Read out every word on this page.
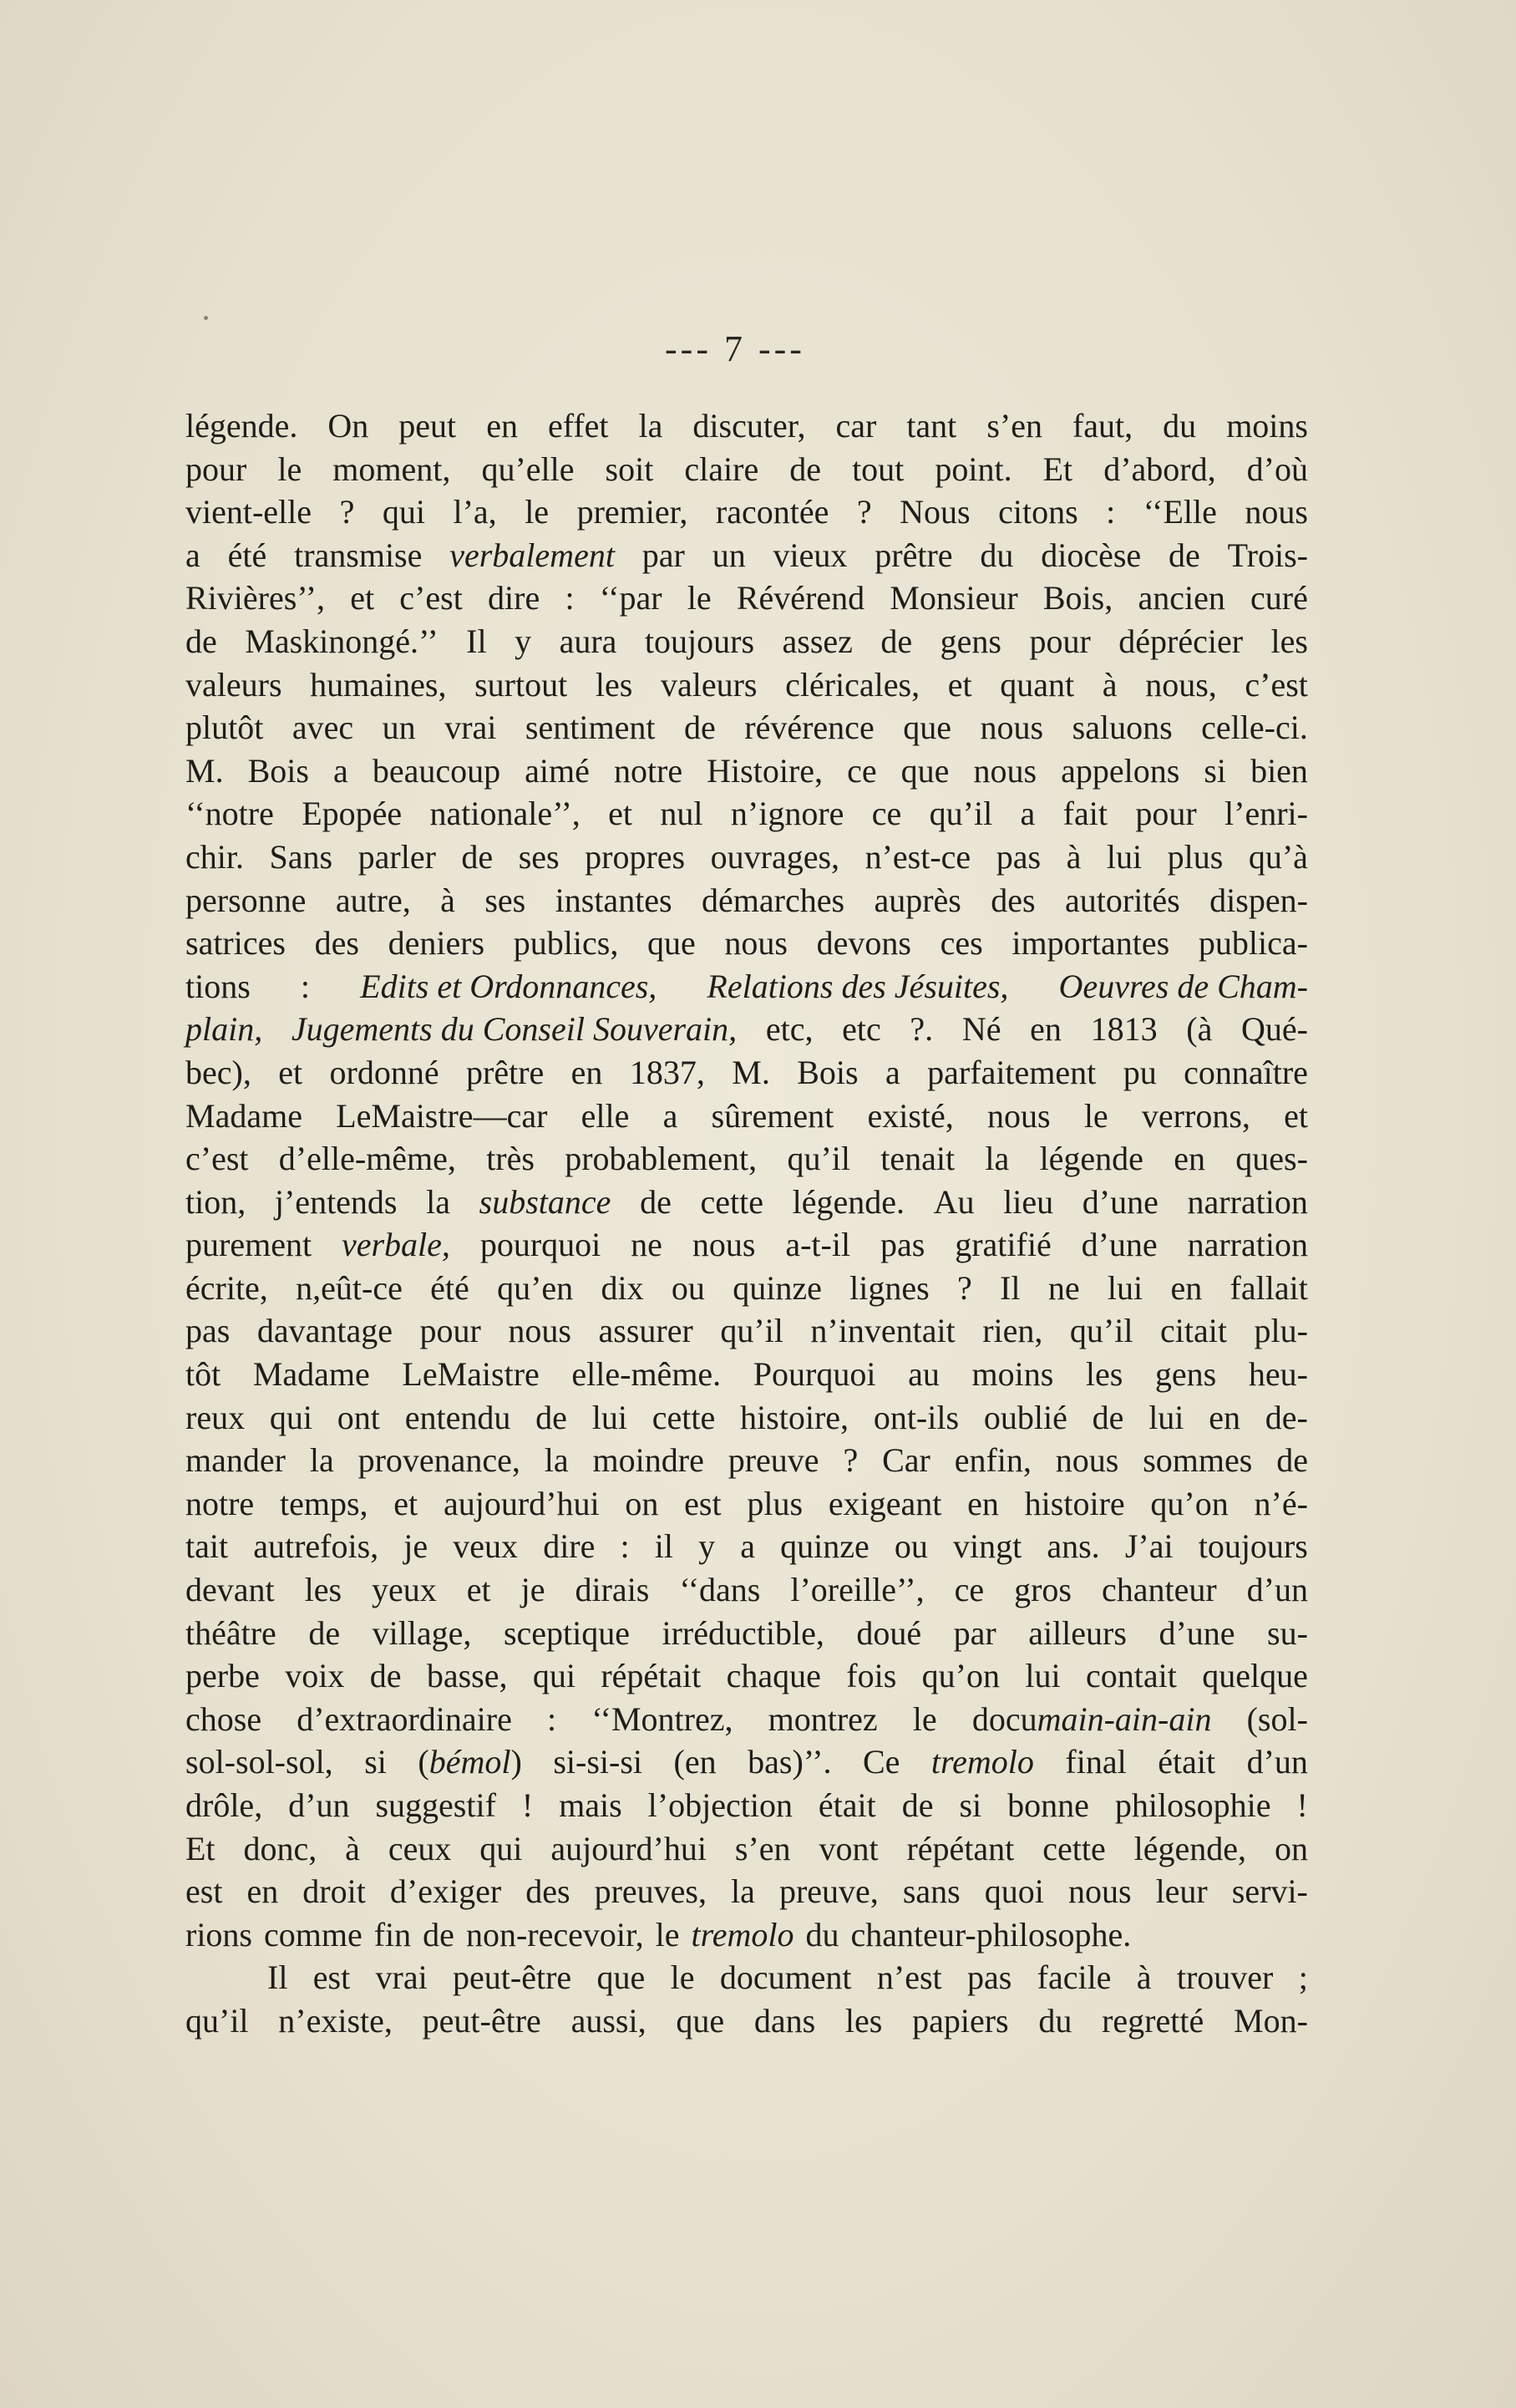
--- 7 ---
légende. On peut en effet la discuter, car tant s’en faut, du moins
pour le moment, qu’elle soit claire de tout point. Et d’abord, d’où
vient-elle ? qui l’a, le premier, racontée ? Nous citons : ‘‘Elle nous
a été transmise verbalement par un vieux prêtre du diocèse de Trois-
Rivières’’, et c’est dire : ‘‘par le Révérend Monsieur Bois, ancien curé
de Maskinongé.’’ Il y aura toujours assez de gens pour déprécier les
valeurs humaines, surtout les valeurs cléricales, et quant à nous, c’est
plutôt avec un vrai sentiment de révérence que nous saluons celle-ci.
M. Bois a beaucoup aimé notre Histoire, ce que nous appelons si bien
‘‘notre Epopée nationale’’, et nul n’ignore ce qu’il a fait pour l’enri-
chir. Sans parler de ses propres ouvrages, n’est-ce pas à lui plus qu’à
personne autre, à ses instantes démarches auprès des autorités dispen-
satrices des deniers publics, que nous devons ces importantes publica-
tions : Edits et Ordonnances, Relations des Jésuites, Oeuvres de Cham-
plain, Jugements du Conseil Souverain, etc, etc ?. Né en 1813 (à Qué-
bec), et ordonné prêtre en 1837, M. Bois a parfaitement pu connaître
Madame LeMaistre—car elle a sûrement existé, nous le verrons, et
c’est d’elle-même, très probablement, qu’il tenait la légende en ques-
tion, j’entends la substance de cette légende. Au lieu d’une narration
purement verbale, pourquoi ne nous a-t-il pas gratifié d’une narration
écrite, n,eût-ce été qu’en dix ou quinze lignes ? Il ne lui en fallait
pas davantage pour nous assurer qu’il n’inventait rien, qu’il citait plu-
tôt Madame LeMaistre elle-même. Pourquoi au moins les gens heu-
reux qui ont entendu de lui cette histoire, ont-ils oublié de lui en de-
mander la provenance, la moindre preuve ? Car enfin, nous sommes de
notre temps, et aujourd’hui on est plus exigeant en histoire qu’on n’é-
tait autrefois, je veux dire : il y a quinze ou vingt ans. J’ai toujours
devant les yeux et je dirais ‘‘dans l’oreille’’, ce gros chanteur d’un
théâtre de village, sceptique irréductible, doué par ailleurs d’une su-
perbe voix de basse, qui répétait chaque fois qu’on lui contait quelque
chose d’extraordinaire : ‘‘Montrez, montrez le documain-ain-ain (sol-
sol-sol-sol, si (bémol) si-si-si (en bas)’’. Ce tremolo final était d’un
drôle, d’un suggestif ! mais l’objection était de si bonne philosophie !
Et donc, à ceux qui aujourd’hui s’en vont répétant cette légende, on
est en droit d’exiger des preuves, la preuve, sans quoi nous leur servi-
rions comme fin de non-recevoir, le tremolo du chanteur-philosophe.
Il est vrai peut-être que le document n’est pas facile à trouver ;
qu’il n’existe, peut-être aussi, que dans les papiers du regretté Mon-
